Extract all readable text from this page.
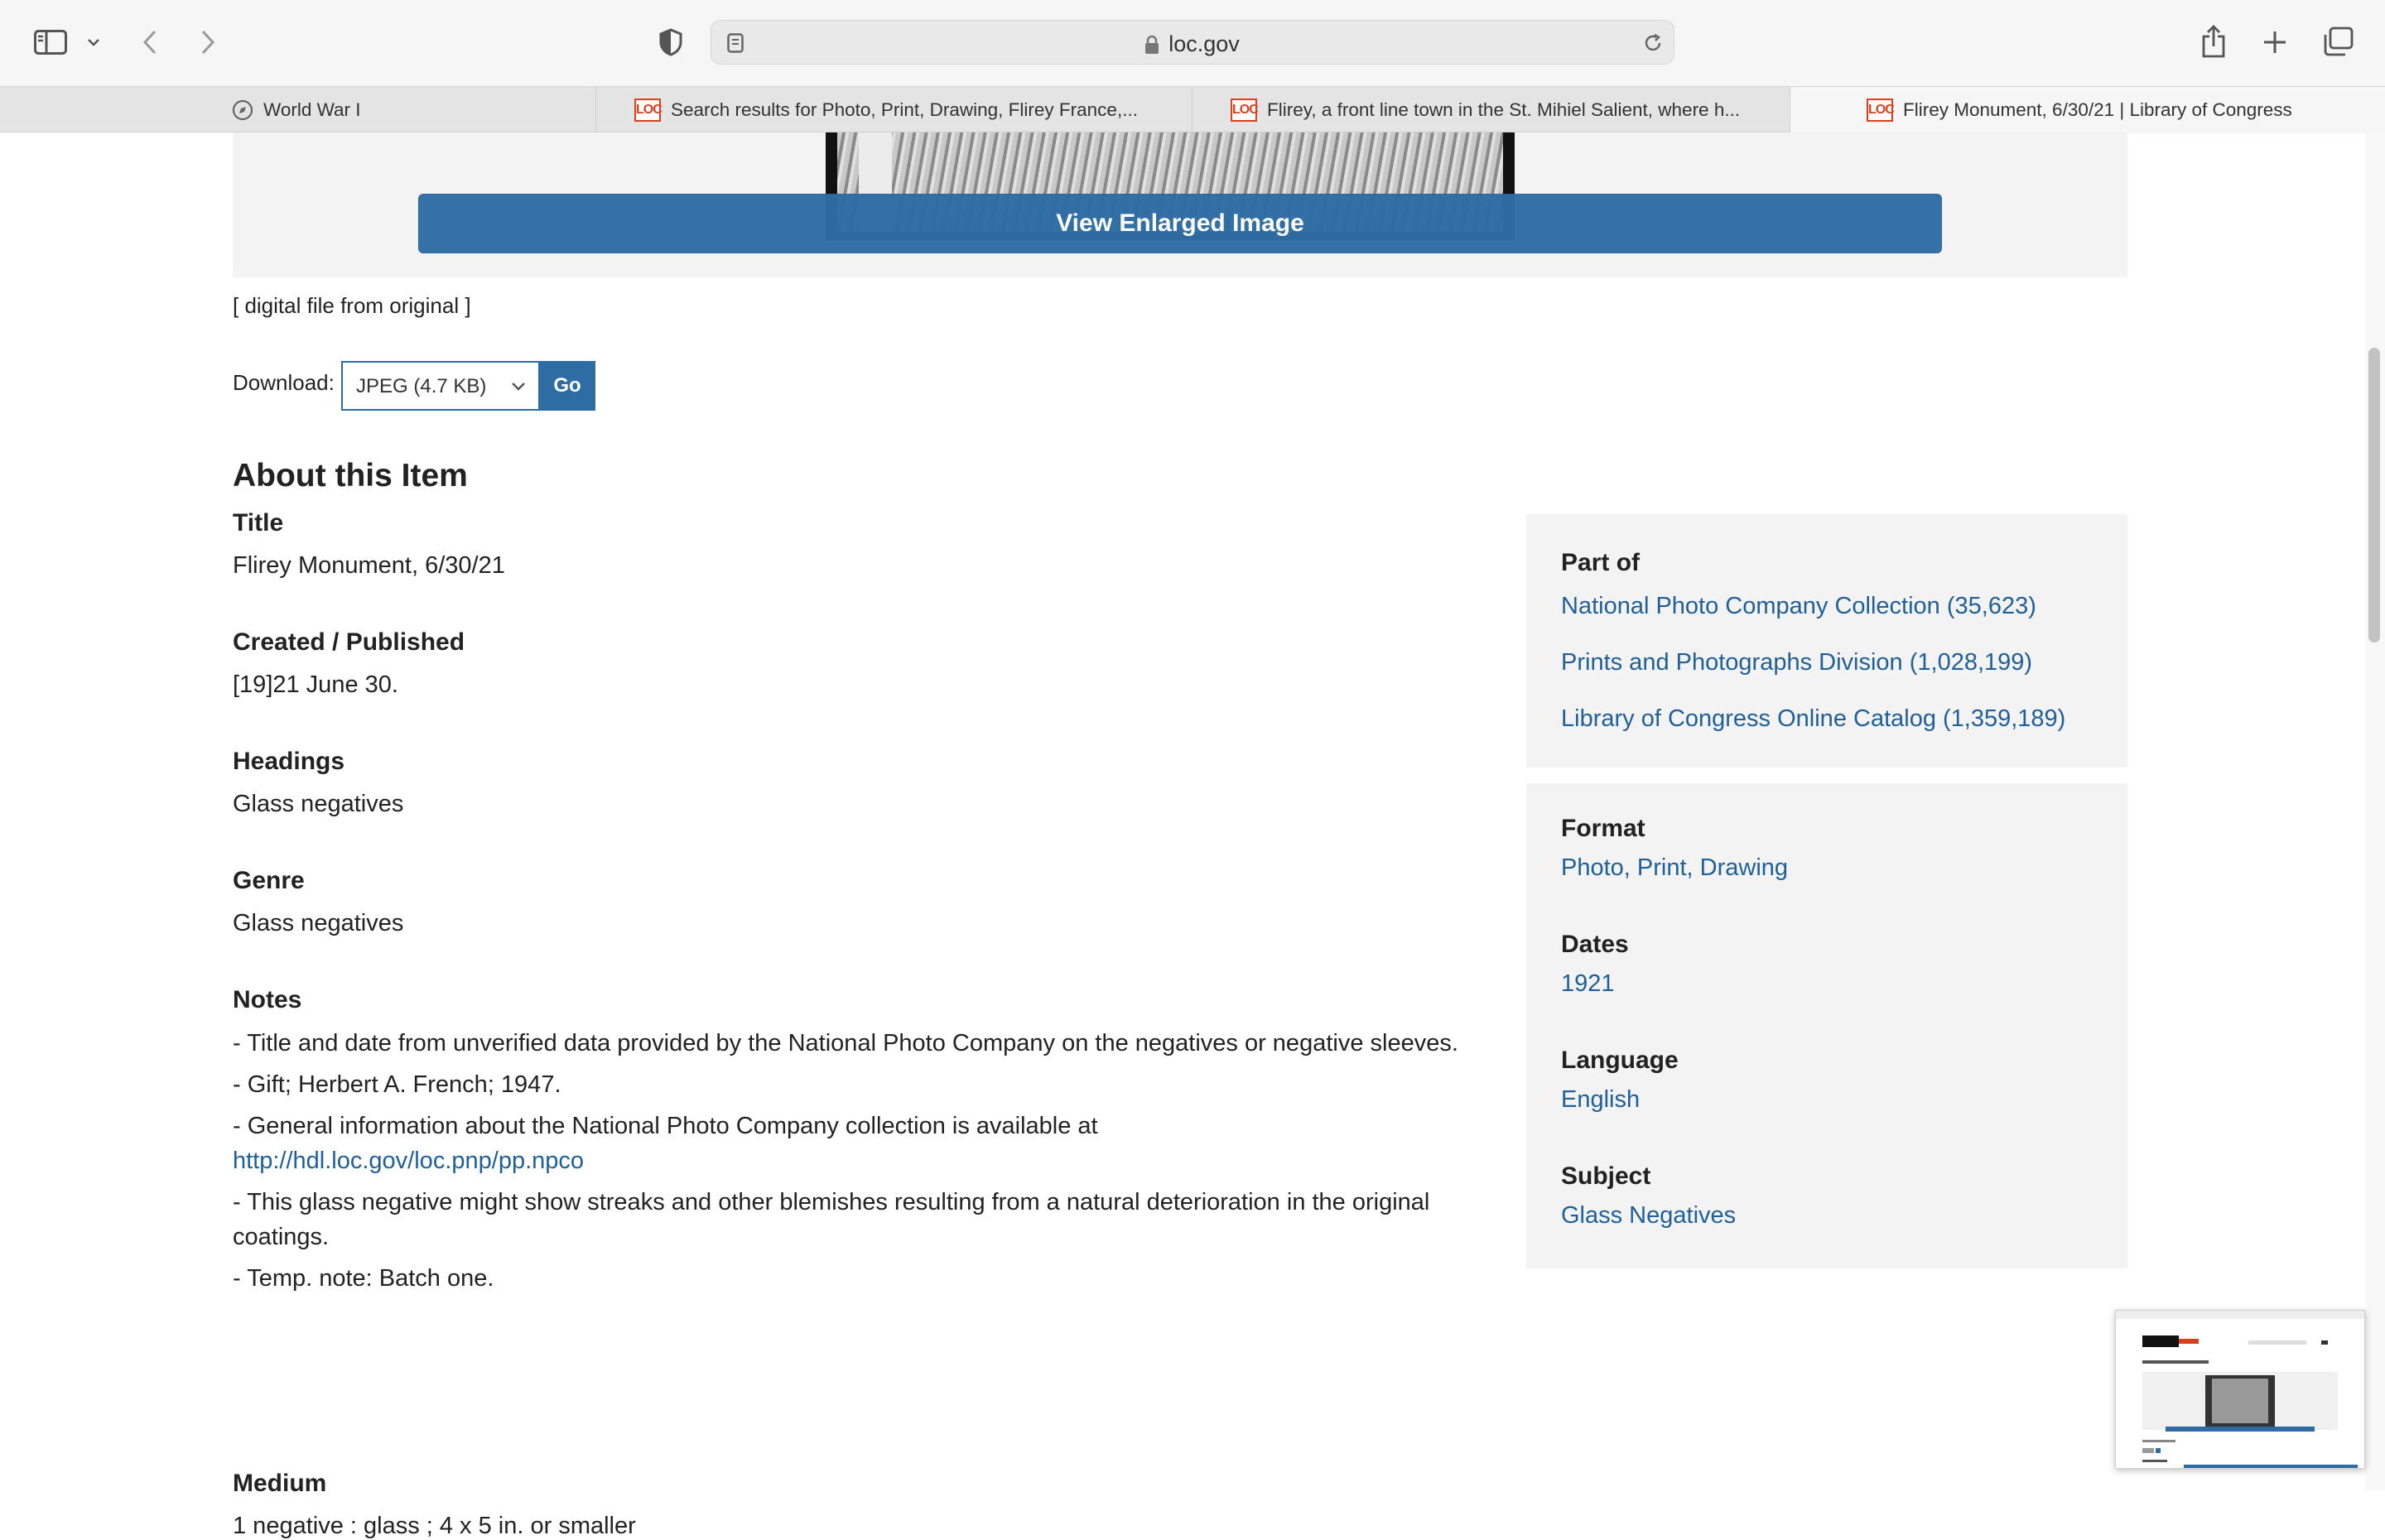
loc.gov
World War I	LOC Search results for Photo, Print, Drawing, Flirey France,...	LOC Flirey, a front line town in the St. Mihiel Salient, where h...	LOC Flirey Monument, 6/30/21 | Library of Congress
View Enlarged Image
[ digital file from original ]
Download: JPEG (4.7 KB)	Go
About this Item
Title
Flirey Monument, 6/30/21
Created / Published
[19]21 June 30.
Headings
Glass negatives
Genre
Glass negatives
Notes
- Title and date from unverified data provided by the National Photo Company on the negatives or negative sleeves.
- Gift; Herbert A. French; 1947.
- General information about the National Photo Company collection is available at
http://hdl.loc.gov/loc.pnp/pp.npco
- This glass negative might show streaks and other blemishes resulting from a natural deterioration in the original coatings.
- Temp. note: Batch one.
Medium
1 negative : glass ; 4 x 5 in. or smaller
Part of
National Photo Company Collection (35,623)
Prints and Photographs Division (1,028,199)
Library of Congress Online Catalog (1,359,189)
Format
Photo, Print, Drawing
Dates
1921
Language
English
Subject
Glass Negatives
